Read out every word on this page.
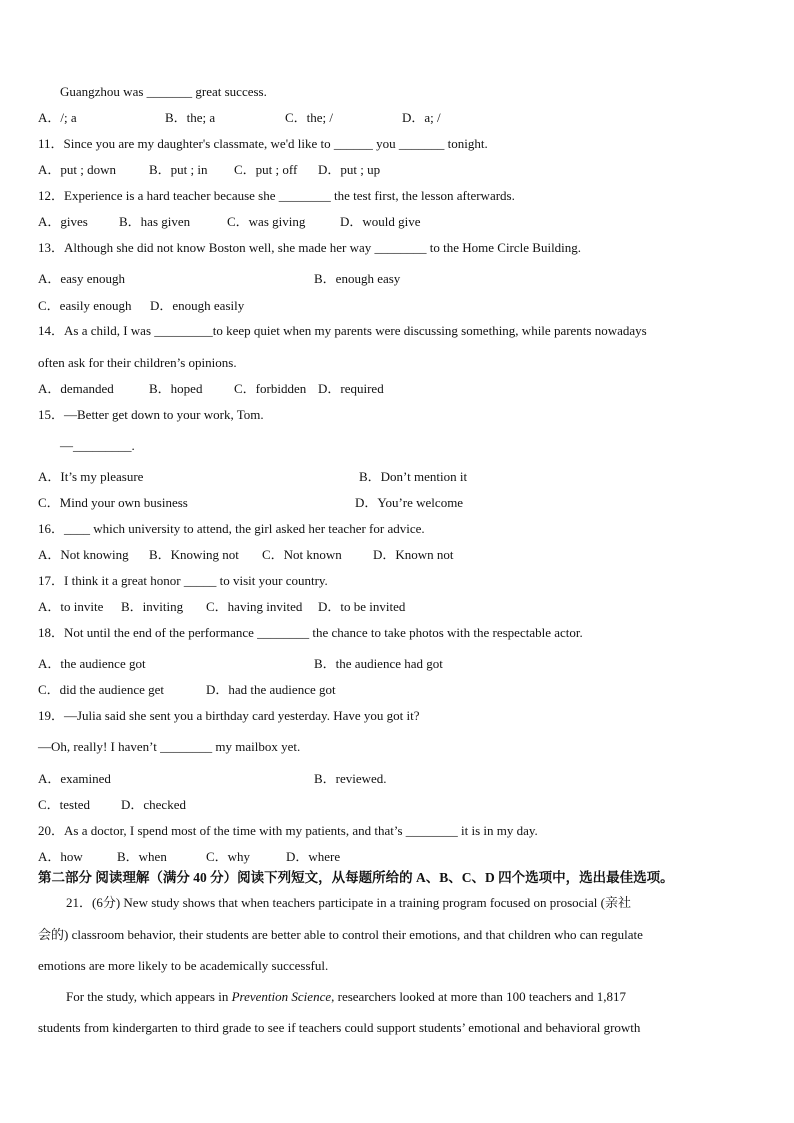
Guangzhou was _______ great success.
A．/; a	B．the; a	C．the; /	D．a; /
11．Since you are my daughter's classmate, we'd like to ______ you _______ tonight.
A．put ; down	B．put ; in C．put ; off D．put ; up
12．Experience is a hard teacher because she ________ the test first, the lesson afterwards.
A．gives B．has given	C．was giving	D．would give
13．Although she did not know Boston well, she made her way ________ to the Home Circle Building.
A．easy enough	B．enough easy
C．easily enough D．enough easily
14．As a child, I was _________to keep quiet when my parents were discussing something, while parents nowadays
often ask for their children’s opinions.
A．demanded	B．hoped C．forbidden D．required
15．—Better get down to your work, Tom.
—_________.
A．It’s my pleasure	B．Don’t mention it
C．Mind your own business	D．You’re welcome
16．____ which university to attend, the girl asked her teacher for advice.
A．Not knowing B．Knowing not C．Not known D．Known not
17．I think it a great honor _____ to visit your country.
A．to invite B．inviting C．having invited D．to be invited
18．Not until the end of the performance ________ the chance to take photos with the respectable actor.
A．the audience got	B．the audience had got
C．did the audience get	D．had the audience got
19．—Julia said she sent you a birthday card yesterday. Have you got it?
—Oh, really! I haven’t ________ my mailbox yet.
A．examined	B．reviewed.
C．tested D．checked
20．As a doctor, I spend most of the time with my patients, and that’s ________ it is in my day.
A．how	B．when	C．why	D．where
第二部分 阅读理解（满分 40 分）阅读下列短文，从每题所给的 A、B、C、D 四个选项中，选出最佳选项。
21．(6分) New study shows that when teachers participate in a training program focused on prosocial (亲社
会的) classroom behavior, their students are better able to control their emotions, and that children who can regulate
emotions are more likely to be academically successful.
For the study, which appears in Prevention Science, researchers looked at more than 100 teachers and 1,817
students from kindergarten to third grade to see if teachers could support students’ emotional and behavioral growth
